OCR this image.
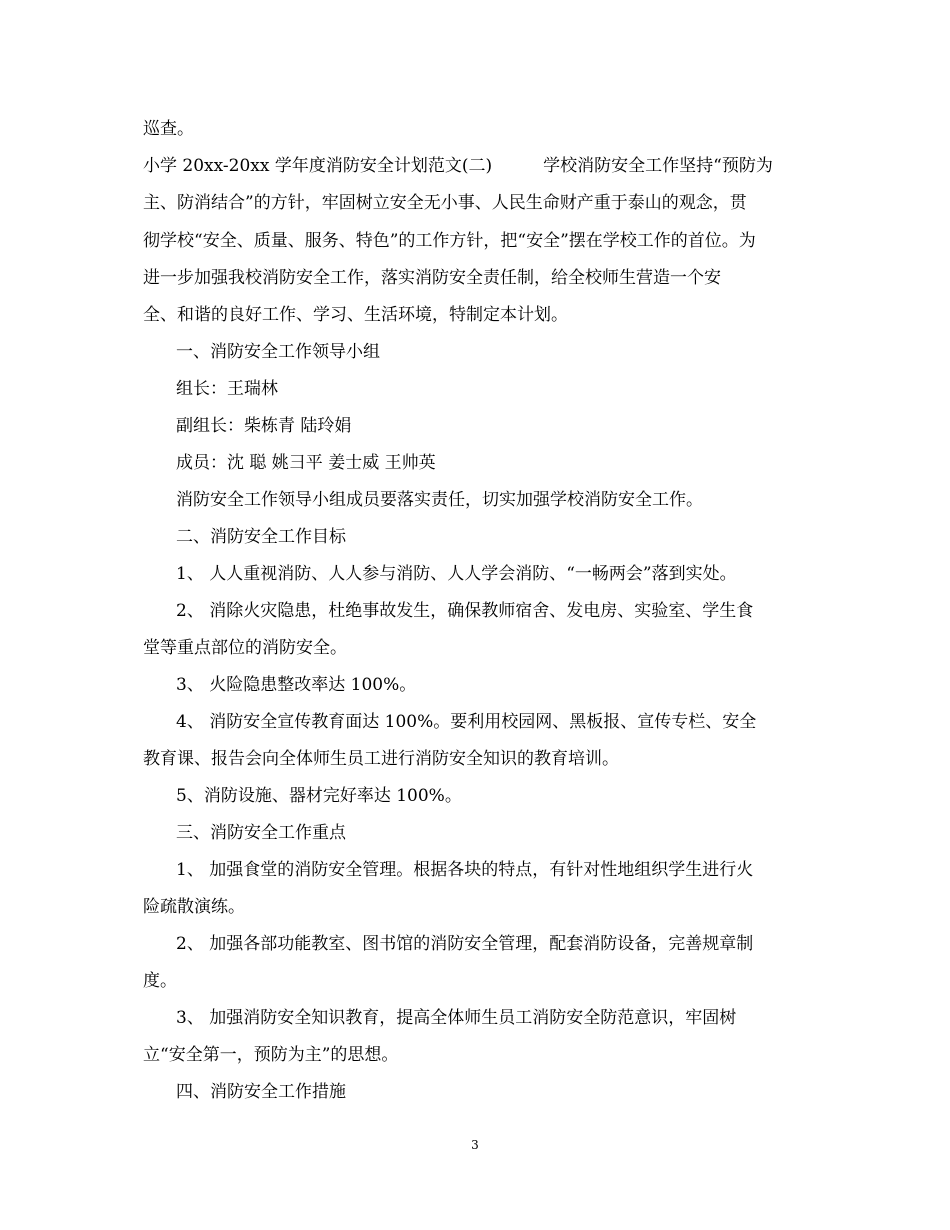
巡查。
小学 20xx-20xx 学年度消防安全计划范文(二)　　　学校消防安全工作坚持“预防为
主、防消结合”的方针，牢固树立安全无小事、人民生命财产重于泰山的观念，贯
彻学校“安全、质量、服务、特色”的工作方针，把“安全”摆在学校工作的首位。为
进一步加强我校消防安全工作，落实消防安全责任制，给全校师生营造一个安
全、和谐的良好工作、学习、生活环境，特制定本计划。
一、消防安全工作领导小组
组长：王瑞林
副组长：柴栋青 陆玲娟
成员：沈 聪 姚彐平 姜士威 王帅英
消防安全工作领导小组成员要落实责任，切实加强学校消防安全工作。
二、消防安全工作目标
1、 人人重视消防、人人参与消防、人人学会消防、“一畅两会”落到实处。
2、 消除火灾隐患，杜绝事故发生，确保教师宿舍、发电房、实验室、学生食
堂等重点部位的消防安全。
3、 火险隐患整改率达 100%。
4、 消防安全宣传教育面达 100%。要利用校园网、黑板报、宣传专栏、安全
教育课、报告会向全体师生员工进行消防安全知识的教育培训。
5、消防设施、器材完好率达 100%。
三、消防安全工作重点
1、 加强食堂的消防安全管理。根据各块的特点，有针对性地组织学生进行火
险疏散演练。
2、 加强各部功能教室、图书馆的消防安全管理，配套消防设备，完善规章制
度。
3、 加强消防安全知识教育，提高全体师生员工消防安全防范意识，牢固树
立“安全第一，预防为主”的思想。
四、消防安全工作措施
3
